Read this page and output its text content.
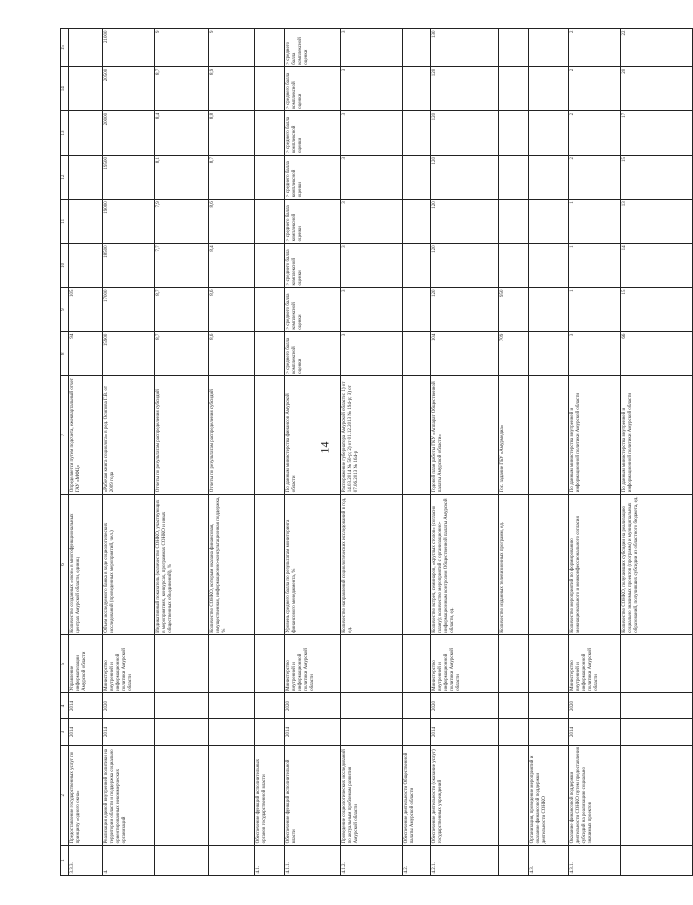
14
1	2	3	4	5	6	7	8	9	10	11	12	13	14	15
3.3.3.	Предоставление государственных услуг по принципу «одного окна»	2014	2014	Управление информатизации Амурской области	Количество созданных «окон» в многофункциональных центрах Амурской области, единиц	Определяется путем подсчета, ежеквартальный отчет ГАУ «МФЦ»	94	105						
4.	Реализация единой внутренней политики на территории области и поддержка социально ориентированных некоммерческих организаций	2014	2020	Министерство внутренней и информационной политики Амурской области	Объем исследуемого банка в ходе социологических исследований (проведенных мероприятий, чел.)	«Рабочая книга социолога» в ред. Осипова Г.В. от 2009 года	15900	17000	18500	19000	19500	20000	20500	21000
					Индикативный показатель (количество СОНКО, участвующих в мероприятиях, конкурсах, программах СОНКО и иных общественных объединений), %	Отчеты по результатам распределения субсидий	8,7	8,7	7,7	7,9	8,1	8,4	8,7	9
					Количество СОНКО, которым оказана финансовая, имущественная, информационно-консультационная поддержка, %	Отчеты по результатам распределения субсидий	8,6	8,6	8,4	8,6	8,7	8,8	8,9	9
4.1.	Обеспечение функций исполнительных органов государственной власти													
4.1.1.	Обеспечение функций исполнительной власти	2014	2020	Министерство внутренней и информационной политики Амурской области	Уровень среднего балла по результатам мониторинга финансового менеджмента, %	По данным министерства финансов Амурской области	> среднего балла комплексной оценки	> среднего балла комплексной оценки	> среднего балла комплексной оценки	> среднего балла комплексной оценки	> среднего балла комплексной оценки	> среднего балла комплексной оценки	> среднего балла комплексной оценки	> среднего балла комплексной оценки
4.1.2.	Проведение социологических исследований по актуальным проблемам развития Амурской области				Количество направлений социологических исследований в год, ед.	Распоряжение губернатора Амурской области: 1) от 14.03.2014 № 50-р; 2) от 01.12.2013 № 194-р; 3) от 07.06.2013 № 164-р	3	3	3	3	3	3	3	3
4.2.	Обеспечение деятельности Общественной палаты Амурской области													
4.2.1.	Обеспечение деятельности (оказание услуг) государственных учреждений	2014	2020	Министерство внутренней и информационной политики Амурской области	Количество встреч, семинаров, «круглых столов» (согласно плану); количество мероприятий с организационно-информационным контролем Общественной палаты Амурской области, ед.	Годовой план работы ГКУ «Аппарат Общественной палаты Амурской области»	104	120	120	120	120	120	120	130
					Количество изданных телевизионных программ, ед.	Гос. задание ГБУ «Амурмедиа»	709	950						
4.3.	Организация, проведение мероприятий и оказание финансовой поддержки деятельности СОНКО													
4.3.1.	Оказание финансовой поддержки деятельности СОНКО путем предоставления субсидий на реализацию социально значимых проектов	2014	2020	Министерство внутренней и информационной политики Амурской области	Количество мероприятий по формированию межнационального и межконфессионального согласия	По данным министерства внутренней и информационной политики Амурской области	3	1	1	1	2	2	2	2
					Количество СОНКО, получивших субсидии на реализацию социально значимых проектов (программ) и муниципальных образований, получивших субсидии из областного бюджета, ед.	По данным министерства внутренней и информационной политики Амурской области	66	15	14	13	15	17	20	22
